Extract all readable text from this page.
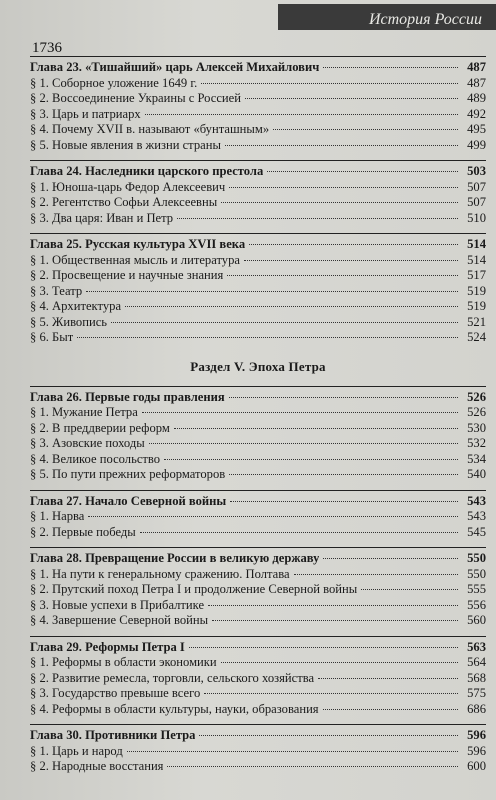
История России
1736
Глава 23. «Тишайший» царь Алексей Михайлович	487
§ 1. Соборное уложение 1649 г.	487
§ 2. Воссоединение Украины с Россией	489
§ 3. Царь и патриарх	492
§ 4. Почему XVII в. называют «бунташным»	495
§ 5. Новые явления в жизни страны	499
Глава 24. Наследники царского престола	503
§ 1. Юноша-царь Федор Алексеевич	507
§ 2. Регентство Софьи Алексеевны	507
§ 3. Два царя: Иван и Петр	510
Глава 25. Русская культура XVII века	514
§ 1. Общественная мысль и литература	514
§ 2. Просвещение и научные знания	517
§ 3. Театр	519
§ 4. Архитектура	519
§ 5. Живопись	521
§ 6. Быт	524
Раздел V. Эпоха Петра
Глава 26. Первые годы правления	526
§ 1. Мужание Петра	526
§ 2. В преддверии реформ	530
§ 3. Азовские походы	532
§ 4. Великое посольство	534
§ 5. По пути прежних реформаторов	540
Глава 27. Начало Северной войны	543
§ 1. Нарва	543
§ 2. Первые победы	545
Глава 28. Превращение России в великую державу	550
§ 1. На пути к генеральному сражению. Полтава	550
§ 2. Прутский поход Петра I и продолжение Северной войны	555
§ 3. Новые успехи в Прибалтике	556
§ 4. Завершение Северной войны	560
Глава 29. Реформы Петра I	563
§ 1. Реформы в области экономики	564
§ 2. Развитие ремесла, торговли, сельского хозяйства	568
§ 3. Государство превыше всего	575
§ 4. Реформы в области культуры, науки, образования	686
Глава 30. Противники Петра	596
§ 1. Царь и народ	596
§ 2. Народные восстания	600
